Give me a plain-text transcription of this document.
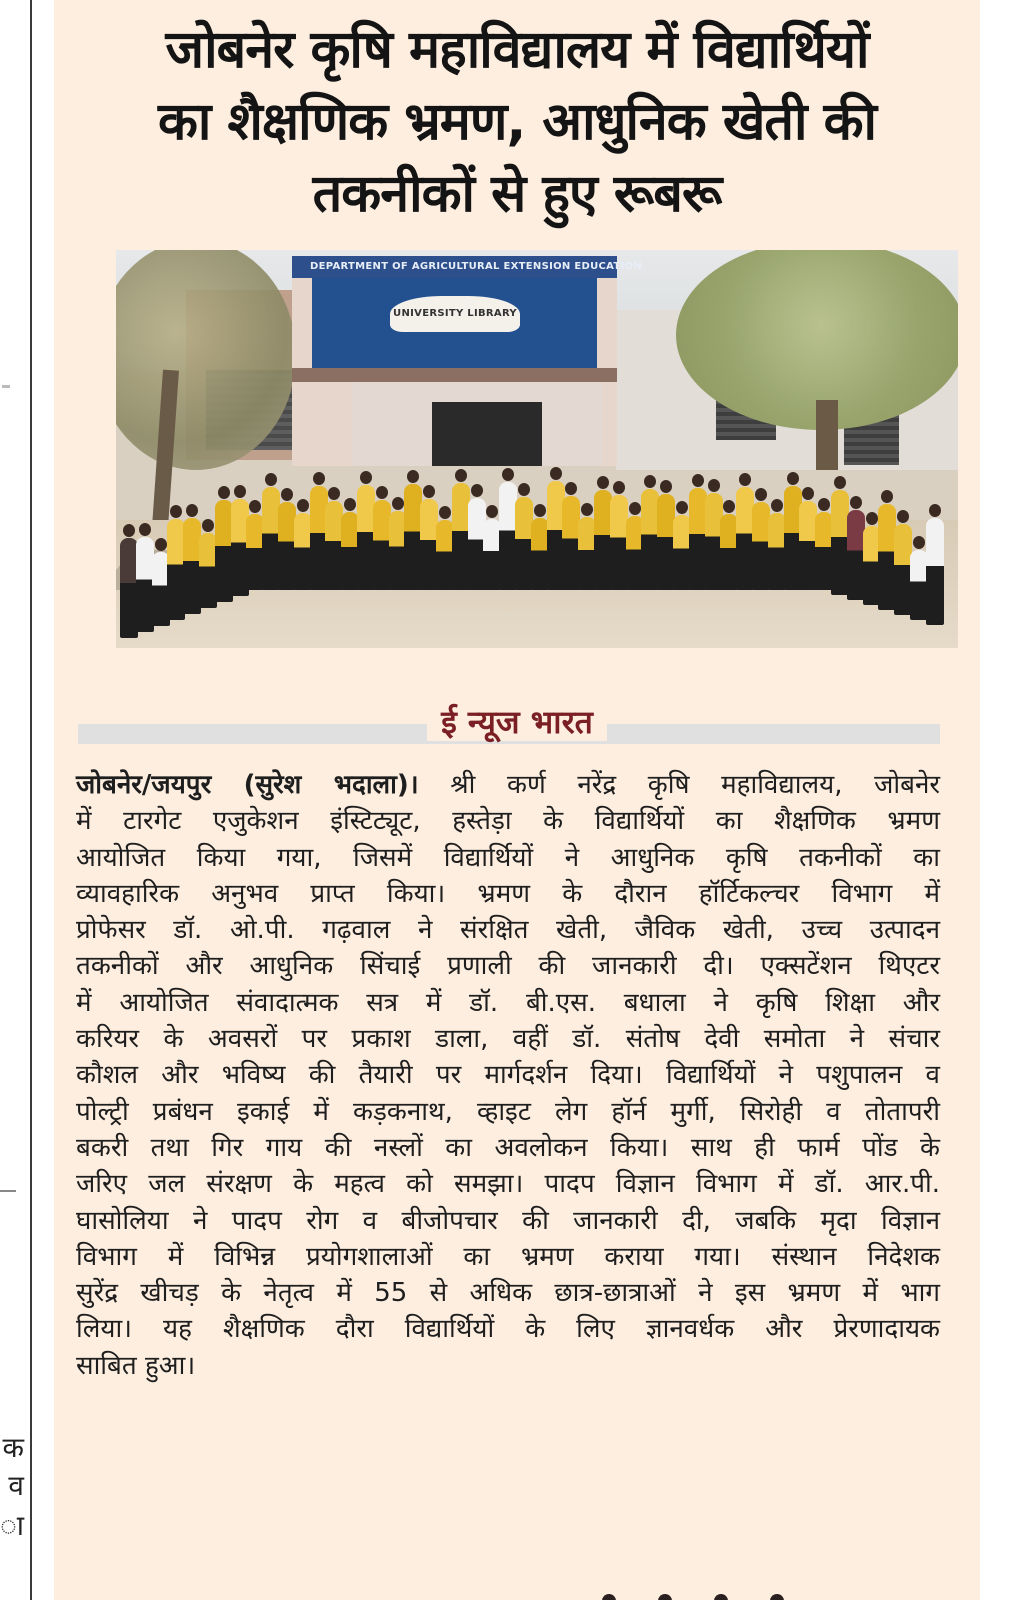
क
व
ा
जोबनेर कृषि महाविद्यालय में विद्यार्थियों
का शैक्षणिक भ्रमण, आधुनिक खेती की
तकनीकों से हुए रूबरू
DEPARTMENT OF AGRICULTURAL EXTENSION EDUCATION
UNIVERSITY LIBRARY
ई न्यूज भारत
जोबनेर/जयपुर (सुरेश भदाला)। श्री कर्ण नरेंद्र कृषि महाविद्यालय, जोबनेर
में टारगेट एजुकेशन इंस्टिट्यूट, हस्तेड़ा के विद्यार्थियों का शैक्षणिक भ्रमण
आयोजित किया गया, जिसमें विद्यार्थियों ने आधुनिक कृषि तकनीकों का
व्यावहारिक अनुभव प्राप्त किया। भ्रमण के दौरान हॉर्टिकल्चर विभाग में
प्रोफेसर डॉ. ओ.पी. गढ़वाल ने संरक्षित खेती, जैविक खेती, उच्च उत्पादन
तकनीकों और आधुनिक सिंचाई प्रणाली की जानकारी दी। एक्सटेंशन थिएटर
में आयोजित संवादात्मक सत्र में डॉ. बी.एस. बधाला ने कृषि शिक्षा और
करियर के अवसरों पर प्रकाश डाला, वहीं डॉ. संतोष देवी समोता ने संचार
कौशल और भविष्य की तैयारी पर मार्गदर्शन दिया। विद्यार्थियों ने पशुपालन व
पोल्ट्री प्रबंधन इकाई में कड़कनाथ, व्हाइट लेग हॉर्न मुर्गी, सिरोही व तोतापरी
बकरी तथा गिर गाय की नस्लों का अवलोकन किया। साथ ही फार्म पोंड के
जरिए जल संरक्षण के महत्व को समझा। पादप विज्ञान विभाग में डॉ. आर.पी.
घासोलिया ने पादप रोग व बीजोपचार की जानकारी दी, जबकि मृदा विज्ञान
विभाग में विभिन्न प्रयोगशालाओं का भ्रमण कराया गया। संस्थान निदेशक
सुरेंद्र खीचड़ के नेतृत्व में 55 से अधिक छात्र-छात्राओं ने इस भ्रमण में भाग
लिया। यह शैक्षणिक दौरा विद्यार्थियों के लिए ज्ञानवर्धक और प्रेरणादायक
साबित हुआ।
